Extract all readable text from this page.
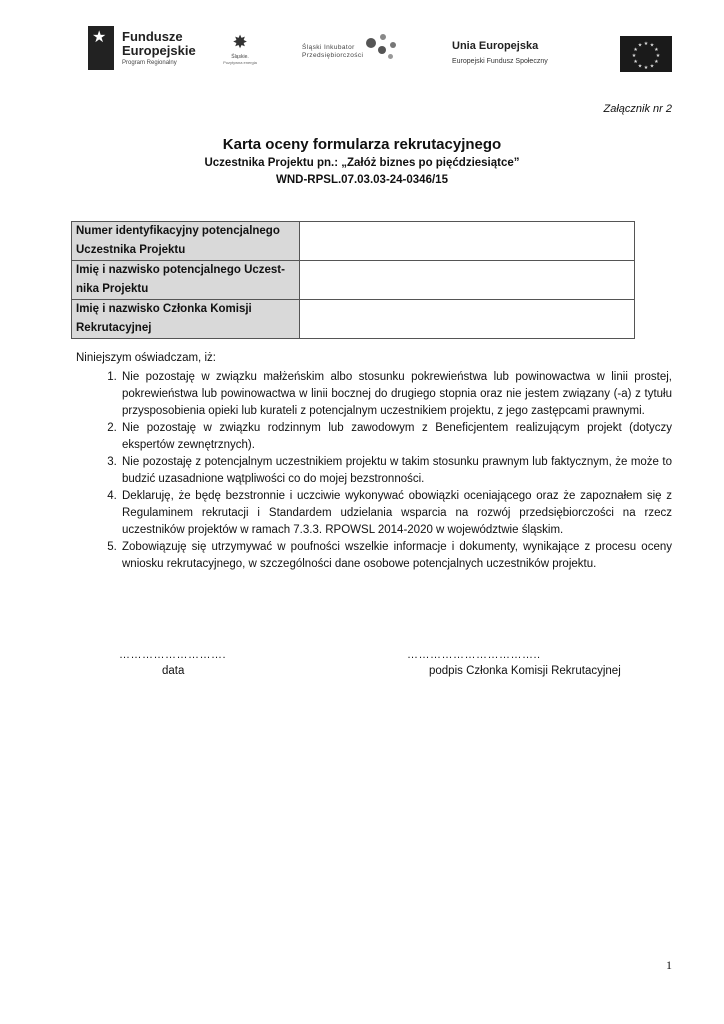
★ Fundusze
Europejskie
Program Regionalny
✸
Śląskie.
Pozytywna energia
Śląski Inkubator Przedsiębiorczości
Unia Europejska
Europejski Fundusz Społeczny
★ ★
★
★
★
★
★
★
★
★
★
★
Załącznik nr 2
Karta oceny formularza rekrutacyjnego
Uczestnika Projektu pn.: „Załóż biznes po pięćdziesiątce”
WND-RPSL.07.03.03-24-0346/15
Numer identyfikacyjny potencjalnego Uczestnika Projektu	
Imię i nazwisko potencjalnego Uczest-nika Projektu	
Imię i nazwisko Członka Komisji Rekrutacyjnej	

Niniejszym oświadczam, iż:

1. Nie pozostaję w związku małżeńskim albo stosunku pokrewieństwa lub powinowactwa w linii prostej, pokrewieństwa lub powinowactwa w linii bocznej do drugiego stopnia oraz nie jestem związany (-a) z tytułu przysposobienia opieki lub kurateli z potencjalnym uczestnikiem projektu, z jego zastępcami prawnymi.
2. Nie pozostaję w związku rodzinnym lub zawodowym z Beneficjentem realizującym projekt (dotyczy ekspertów zewnętrznych).
3. Nie pozostaję z potencjalnym uczestnikiem projektu w takim stosunku prawnym lub faktycznym, że może to budzić uzasadnione wątpliwości co do mojej bezstronności.
4. Deklaruję, że będę bezstronnie i uczciwie wykonywać obowiązki oceniającego oraz że zapoznałem się z Regulaminem rekrutacji i Standardem udzielania wsparcia na rozwój przedsiębiorczości na rzecz uczestników projektów w ramach 7.3.3. RPOWSL 2014-2020 w województwie śląskim.
5. Zobowiązuję się utrzymywać w poufności wszelkie informacje i dokumenty, wynikające z procesu oceny wniosku rekrutacyjnego, w szczególności dane osobowe potencjalnych uczestników projektu.
……………………….
data
……………………………..
podpis Członka Komisji Rekrutacyjnej
1
